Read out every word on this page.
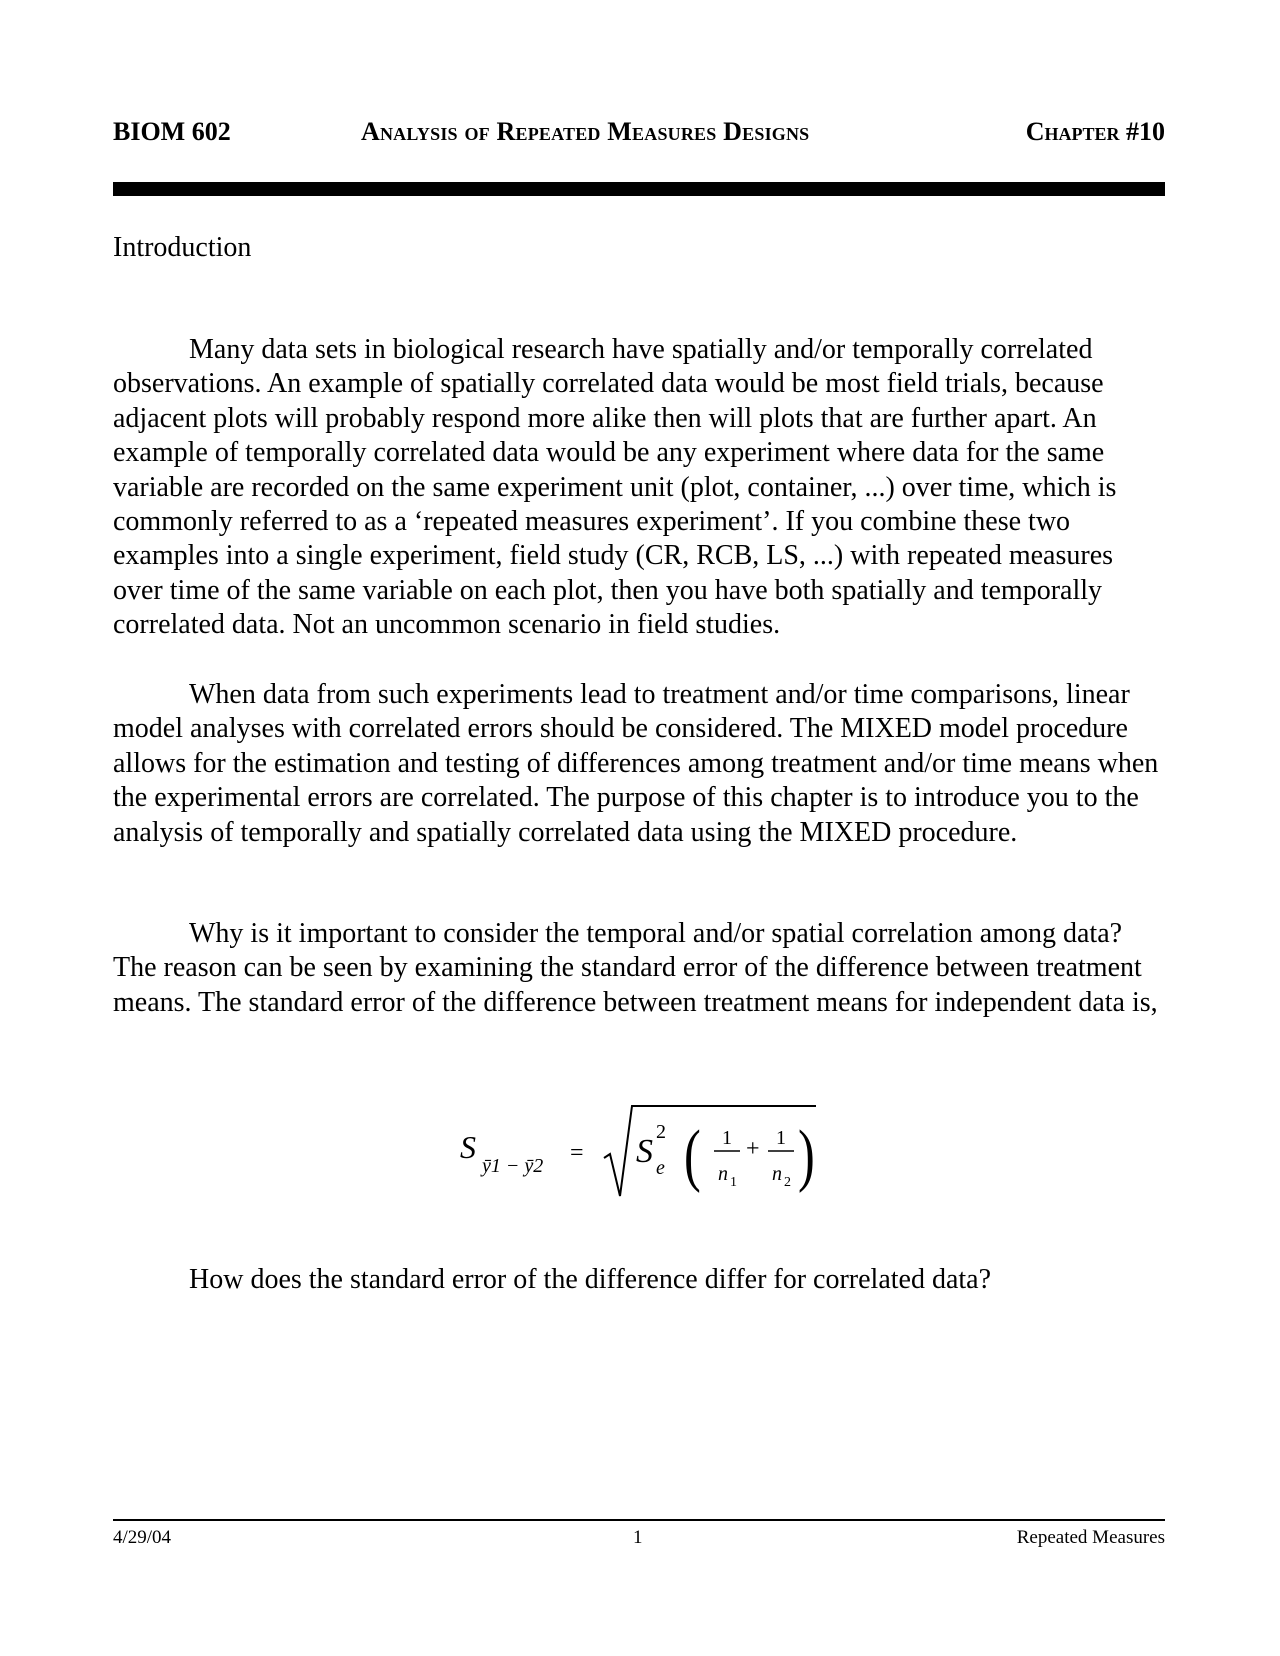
BIOM 602	Analysis of Repeated Measures Designs	Chapter #10
Introduction

Many data sets in biological research have spatially and/or temporally correlated observations. An example of spatially correlated data would be most field trials, because adjacent plots will probably respond more alike then will plots that are further apart. An example of temporally correlated data would be any experiment where data for the same variable are recorded on the same experiment unit (plot, container, ...) over time, which is commonly referred to as a ‘repeated measures experiment’. If you combine these two examples into a single experiment, field study (CR, RCB, LS, ...) with repeated measures over time of the same variable on each plot, then you have both spatially and temporally correlated data. Not an uncommon scenario in field studies.

When data from such experiments lead to treatment and/or time comparisons, linear model analyses with correlated errors should be considered. The MIXED model procedure allows for the estimation and testing of differences among treatment and/or time means when the experimental errors are correlated. The purpose of this chapter is to introduce you to the analysis of temporally and spatially correlated data using the MIXED procedure.

Why is it important to consider the temporal and/or spatial correlation among data? The reason can be seen by examining the standard error of the difference between treatment means. The standard error of the difference between treatment means for independent data is,

S
ȳ1 − ȳ2 = S
2
e ( 1
n 1
+ 1
n 2 )
How does the standard error of the difference differ for correlated data?
4/29/04	1	Repeated Measures
